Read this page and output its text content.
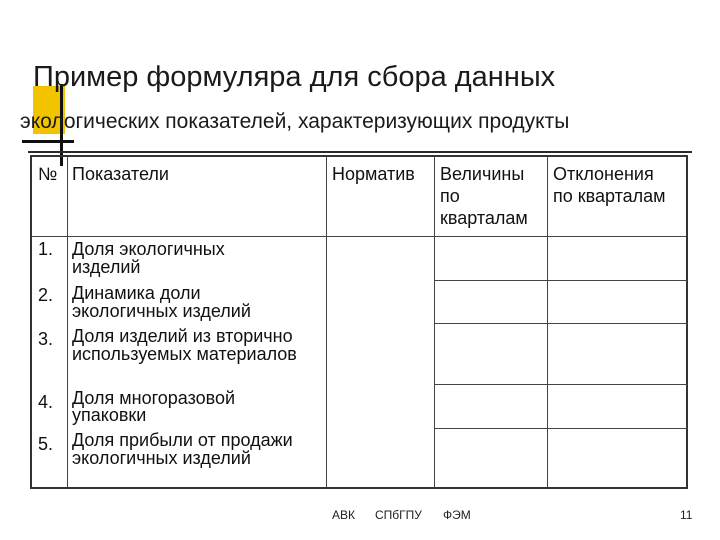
Пример формуляра для сбора данных
экологических показателей, характеризующих продукты
№ Показатели	Норматив Величины
по
кварталам
Отклонения
по кварталам
1. Доля экологичных
изделий
2. Динамика доли
экологичных изделий
3. Доля изделий из вторично
используемых материалов
4. Доля многоразовой
упаковки
5. Доля прибыли от продажи
экологичных изделий
АВК СПбГПУ ФЭМ	11
